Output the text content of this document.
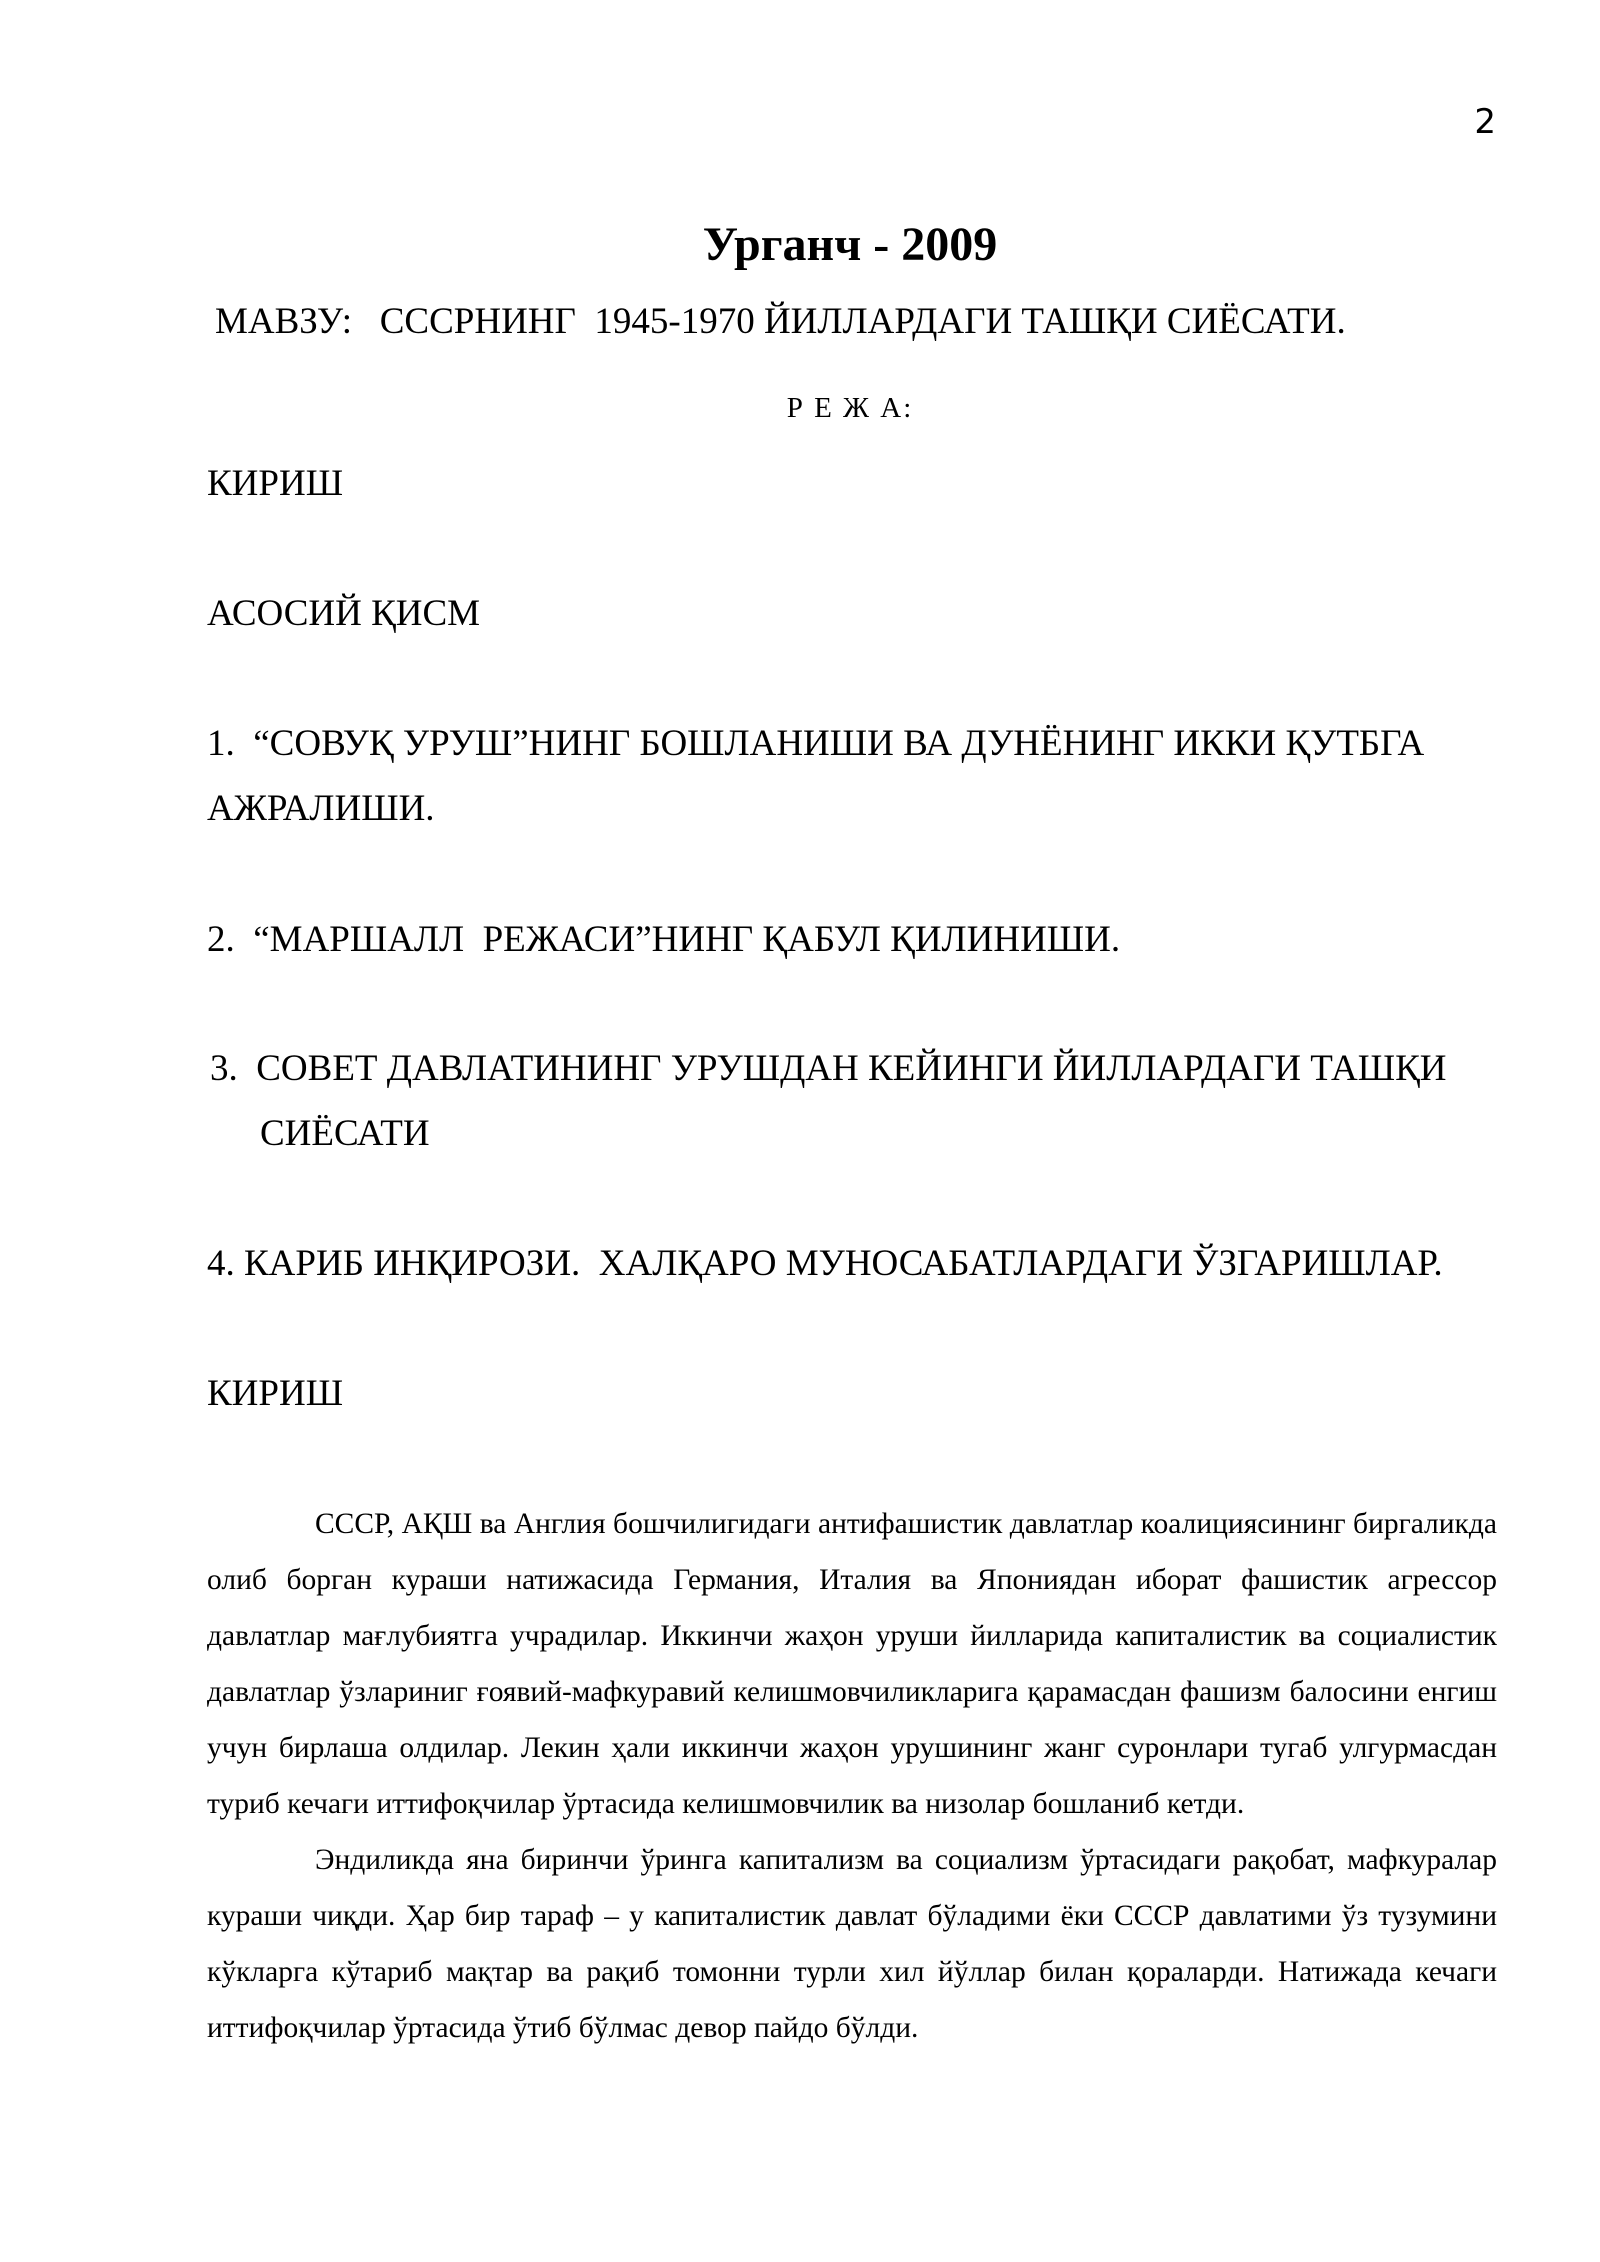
2
Урганч - 2009
МАВЗУ:   СССРНИНГ  1945-1970 ЙИЛЛАРДАГИ ТАШҚИ СИЁСАТИ.
Р Е Ж А:
КИРИШ
АСОСИЙ ҚИСМ
1.  “СОВУҚ УРУШ”НИНГ БОШЛАНИШИ ВА ДУНЁНИНГ ИККИ ҚУТБГА
АЖРАЛИШИ.
2.  “МАРШАЛЛ  РЕЖАСИ”НИНГ ҚАБУЛ ҚИЛИНИШИ.
3.  СОВЕТ ДАВЛАТИНИНГ УРУШДАН КЕЙИНГИ ЙИЛЛАРДАГИ ТАШҚИ
СИЁСАТИ
4. КАРИБ ИНҚИРОЗИ.  ХАЛҚАРО МУНОСАБАТЛАРДАГИ ЎЗГАРИШЛАР.
КИРИШ

СССР, АҚШ ва Англия бошчилигидаги антифашистик давлатлар коалициясининг биргаликда олиб борган кураши натижасида Германия, Италия ва Япониядан иборат фашистик агрессор давлатлар мағлубиятга учрадилар. Иккинчи жаҳон уруши йилларида капиталистик ва социалистик давлатлар ўзлариниг ғоявий-мафкуравий келишмовчиликларига қарамасдан фашизм балосини енгиш учун бирлаша олдилар. Лекин ҳали иккинчи жаҳон урушининг жанг суронлари тугаб улгурмасдан туриб кечаги иттифоқчилар ўртасида келишмовчилик ва низолар бошланиб кетди.

Эндиликда яна биринчи ўринга капитализм ва социализм ўртасидаги рақобат, мафкуралар кураши чиқди. Ҳар бир тараф – у капиталистик давлат бўладими ёки СССР давлатими ўз тузумини кўкларга кўтариб мақтар ва рақиб томонни турли хил йўллар билан қораларди. Натижада кечаги иттифоқчилар ўртасида ўтиб бўлмас девор пайдо бўлди.
